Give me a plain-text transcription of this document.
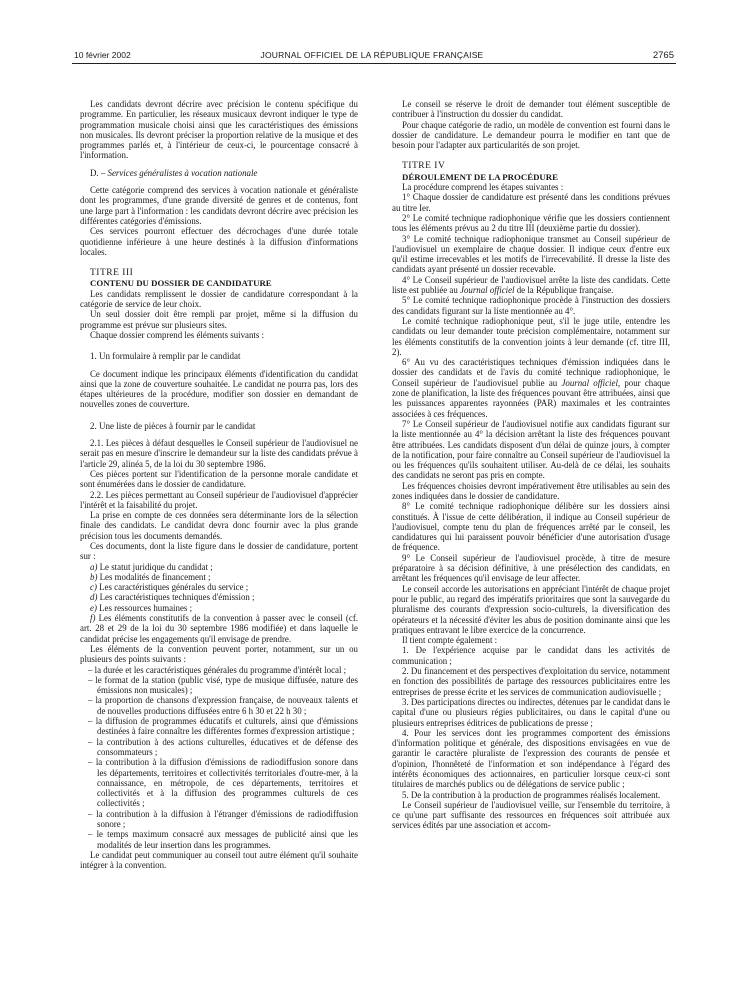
10 février 2002	JOURNAL OFFICIEL DE LA RÉPUBLIQUE FRANÇAISE	2765

Les candidats devront décrire avec précision le contenu spécifique du programme. En particulier, les réseaux musicaux devront indiquer le type de programmation musicale choisi ainsi que les caractéristiques des émissions non musicales. Ils devront préciser la proportion relative de la musique et des programmes parlés et, à l'intérieur de ceux-ci, le pourcentage consacré à l'information.

D. – Services généralistes à vocation nationale

Cette catégorie comprend des services à vocation nationale et généraliste dont les programmes, d'une grande diversité de genres et de contenus, font une large part à l'information : les candidats devront décrire avec précision les différentes catégories d'émissions.

Ces services pourront effectuer des décrochages d'une durée totale quotidienne inférieure à une heure destinés à la diffusion d'informations locales.

TITRE III

CONTENU DU DOSSIER DE CANDIDATURE

Les candidats remplissent le dossier de candidature correspondant à la catégorie de service de leur choix.

Un seul dossier doit être rempli par projet, même si la diffusion du programme est prévue sur plusieurs sites.

Chaque dossier comprend les éléments suivants :

1. Un formulaire à remplir par le candidat

Ce document indique les principaux éléments d'identification du candidat ainsi que la zone de couverture souhaitée. Le candidat ne pourra pas, lors des étapes ultérieures de la procédure, modifier son dossier en demandant de nouvelles zones de couverture.

2. Une liste de pièces à fournir par le candidat

2.1. Les pièces à défaut desquelles le Conseil supérieur de l'audiovisuel ne serait pas en mesure d'inscrire le demandeur sur la liste des candidats prévue à l'article 29, alinéa 5, de la loi du 30 septembre 1986.

Ces pièces portent sur l'identification de la personne morale candidate et sont énumérées dans le dossier de candidature.

2.2. Les pièces permettant au Conseil supérieur de l'audiovisuel d'apprécier l'intérêt et la faisabilité du projet.

La prise en compte de ces données sera déterminante lors de la sélection finale des candidats. Le candidat devra donc fournir avec la plus grande précision tous les documents demandés.

Ces documents, dont la liste figure dans le dossier de candidature, portent sur :

a) Le statut juridique du candidat ;

b) Les modalités de financement ;

c) Les caractéristiques générales du service ;

d) Les caractéristiques techniques d'émission ;

e) Les ressources humaines ;

f) Les éléments constitutifs de la convention à passer avec le conseil (cf. art. 28 et 29 de la loi du 30 septembre 1986 modifiée) et dans laquelle le candidat précise les engagements qu'il envisage de prendre.

Les éléments de la convention peuvent porter, notamment, sur un ou plusieurs des points suivants :

– la durée et les caractéristiques générales du programme d'intérêt local ;
– le format de la station (public visé, type de musique diffusée, nature des émissions non musicales) ;
– la proportion de chansons d'expression française, de nouveaux talents et de nouvelles productions diffusées entre 6 h 30 et 22 h 30 ;
– la diffusion de programmes éducatifs et culturels, ainsi que d'émissions destinées à faire connaître les différentes formes d'expression artistique ;
– la contribution à des actions culturelles, éducatives et de défense des consommateurs ;
– la contribution à la diffusion d'émissions de radiodiffusion sonore dans les départements, territoires et collectivités territoriales d'outre-mer, à la connaissance, en métropole, de ces départements, territoires et collectivités et à la diffusion des programmes culturels de ces collectivités ;
– la contribution à la diffusion à l'étranger d'émissions de radiodiffusion sonore ;
– le temps maximum consacré aux messages de publicité ainsi que les modalités de leur insertion dans les programmes.

Le candidat peut communiquer au conseil tout autre élément qu'il souhaite intégrer à la convention.

Le conseil se réserve le droit de demander tout élément susceptible de contribuer à l'instruction du dossier du candidat.

Pour chaque catégorie de radio, un modèle de convention est fourni dans le dossier de candidature. Le demandeur pourra le modifier en tant que de besoin pour l'adapter aux particularités de son projet.

TITRE IV

DÉROULEMENT DE LA PROCÉDURE

La procédure comprend les étapes suivantes :

1° Chaque dossier de candidature est présenté dans les conditions prévues au titre Ier.

2° Le comité technique radiophonique vérifie que les dossiers contiennent tous les éléments prévus au 2 du titre III (deuxième partie du dossier).

3° Le comité technique radiophonique transmet au Conseil supérieur de l'audiovisuel un exemplaire de chaque dossier. Il indique ceux d'entre eux qu'il estime irrecevables et les motifs de l'irrecevabilité. Il dresse la liste des candidats ayant présenté un dossier recevable.

4° Le Conseil supérieur de l'audiovisuel arrête la liste des candidats. Cette liste est publiée au Journal officiel de la République française.

5° Le comité technique radiophonique procède à l'instruction des dossiers des candidats figurant sur la liste mentionnée au 4°.

Le comité technique radiophonique peut, s'il le juge utile, entendre les candidats ou leur demander toute précision complémentaire, notamment sur les éléments constitutifs de la convention joints à leur demande (cf. titre III, 2).

6° Au vu des caractéristiques techniques d'émission indiquées dans le dossier des candidats et de l'avis du comité technique radiophonique, le Conseil supérieur de l'audiovisuel publie au Journal officiel, pour chaque zone de planification, la liste des fréquences pouvant être attribuées, ainsi que les puissances apparentes rayonnées (PAR) maximales et les contraintes associées à ces fréquences.

7° Le Conseil supérieur de l'audiovisuel notifie aux candidats figurant sur la liste mentionnée au 4° la décision arrêtant la liste des fréquences pouvant être attribuées. Les candidats disposent d'un délai de quinze jours, à compter de la notification, pour faire connaître au Conseil supérieur de l'audiovisuel la ou les fréquences qu'ils souhaitent utiliser. Au-delà de ce délai, les souhaits des candidats ne seront pas pris en compte.

Les fréquences choisies devront impérativement être utilisables au sein des zones indiquées dans le dossier de candidature.

8° Le comité technique radiophonique délibère sur les dossiers ainsi constitués. À l'issue de cette délibération, il indique au Conseil supérieur de l'audiovisuel, compte tenu du plan de fréquences arrêté par le conseil, les candidatures qui lui paraissent pouvoir bénéficier d'une autorisation d'usage de fréquence.

9° Le Conseil supérieur de l'audiovisuel procède, à titre de mesure préparatoire à sa décision définitive, à une présélection des candidats, en arrêtant les fréquences qu'il envisage de leur affecter.

Le conseil accorde les autorisations en appréciant l'intérêt de chaque projet pour le public, au regard des impératifs prioritaires que sont la sauvegarde du pluralisme des courants d'expression socio-culturels, la diversification des opérateurs et la nécessité d'éviter les abus de position dominante ainsi que les pratiques entravant le libre exercice de la concurrence.

Il tient compte également :

1. De l'expérience acquise par le candidat dans les activités de communication ;

2. Du financement et des perspectives d'exploitation du service, notamment en fonction des possibilités de partage des ressources publicitaires entre les entreprises de presse écrite et les services de communication audiovisuelle ;

3. Des participations directes ou indirectes, détenues par le candidat dans le capital d'une ou plusieurs régies publicitaires, ou dans le capital d'une ou plusieurs entreprises éditrices de publications de presse ;

4. Pour les services dont les programmes comportent des émissions d'information politique et générale, des dispositions envisagées en vue de garantir le caractère pluraliste de l'expression des courants de pensée et d'opinion, l'honnêteté de l'information et son indépendance à l'égard des intérêts économiques des actionnaires, en particulier lorsque ceux-ci sont titulaires de marchés publics ou de délégations de service public ;

5. De la contribution à la production de programmes réalisés localement.

Le Conseil supérieur de l'audiovisuel veille, sur l'ensemble du territoire, à ce qu'une part suffisante des ressources en fréquences soit attribuée aux services édités par une association et accom-
